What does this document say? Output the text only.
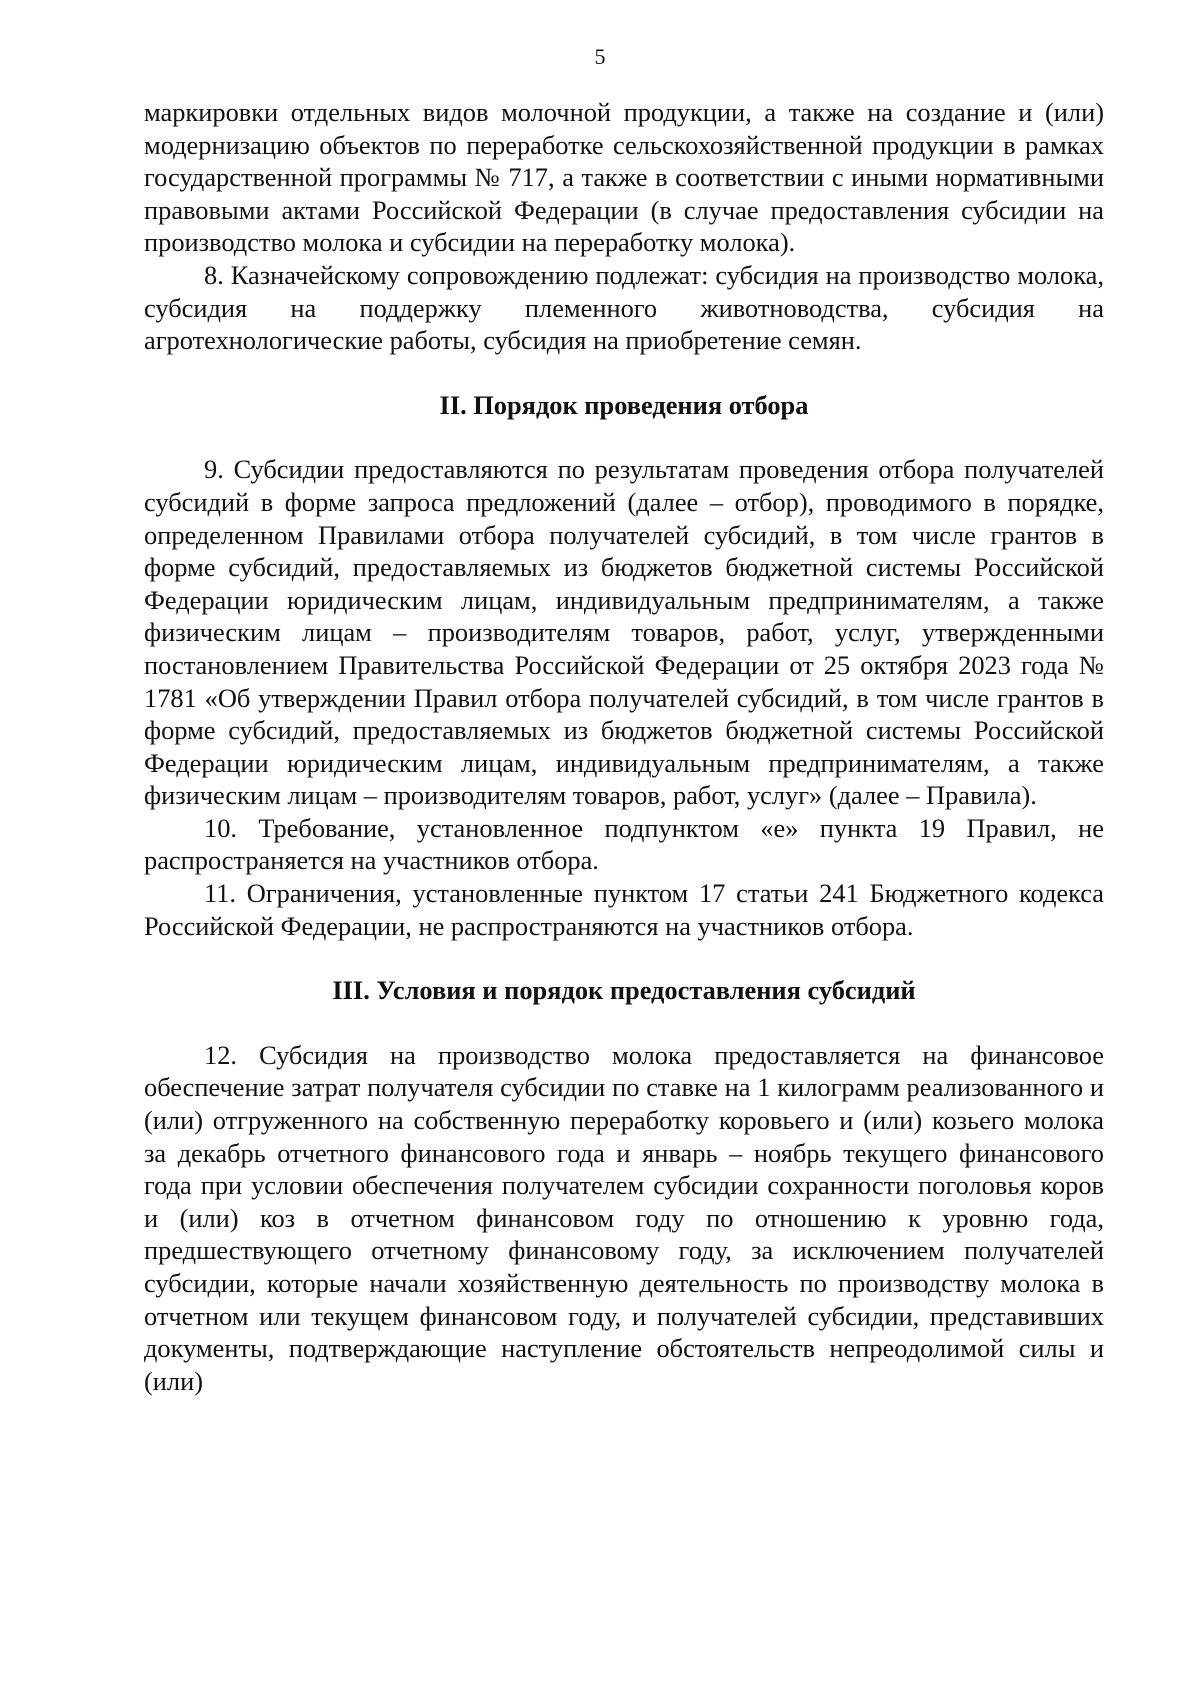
5

маркировки отдельных видов молочной продукции, а также на создание и (или) модернизацию объектов по переработке сельскохозяйственной продукции в рамках государственной программы № 717, а также в соответствии с иными нормативными правовыми актами Российской Федерации (в случае предоставления субсидии на производство молока и субсидии на переработку молока).

8. Казначейскому сопровождению подлежат: субсидия на производство молока, субсидия на поддержку племенного животноводства, субсидия на агротехнологические работы, субсидия на приобретение семян.

II. Порядок проведения отбора

9. Субсидии предоставляются по результатам проведения отбора получателей субсидий в форме запроса предложений (далее – отбор), проводимого в порядке, определенном Правилами отбора получателей субсидий, в том числе грантов в форме субсидий, предоставляемых из бюджетов бюджетной системы Российской Федерации юридическим лицам, индивидуальным предпринимателям, а также физическим лицам – производителям товаров, работ, услуг, утвержденными постановлением Правительства Российской Федерации от 25 октября 2023 года № 1781 «Об утверждении Правил отбора получателей субсидий, в том числе грантов в форме субсидий, предоставляемых из бюджетов бюджетной системы Российской Федерации юридическим лицам, индивидуальным предпринимателям, а также физическим лицам – производителям товаров, работ, услуг» (далее – Правила).

10. Требование, установленное подпунктом «е» пункта 19 Правил, не распространяется на участников отбора.

11. Ограничения, установленные пунктом 17 статьи 241 Бюджетного кодекса Российской Федерации, не распространяются на участников отбора.

III. Условия и порядок предоставления субсидий

12. Субсидия на производство молока предоставляется на финансовое обеспечение затрат получателя субсидии по ставке на 1 килограмм реализованного и (или) отгруженного на собственную переработку коровьего и (или) козьего молока за декабрь отчетного финансового года и январь – ноябрь текущего финансового года при условии обеспечения получателем субсидии сохранности поголовья коров и (или) коз в отчетном финансовом году по отношению к уровню года, предшествующего отчетному финансовому году, за исключением получателей субсидии, которые начали хозяйственную деятельность по производству молока в отчетном или текущем финансовом году, и получателей субсидии, представивших документы, подтверждающие наступление обстоятельств непреодолимой силы и (или)
